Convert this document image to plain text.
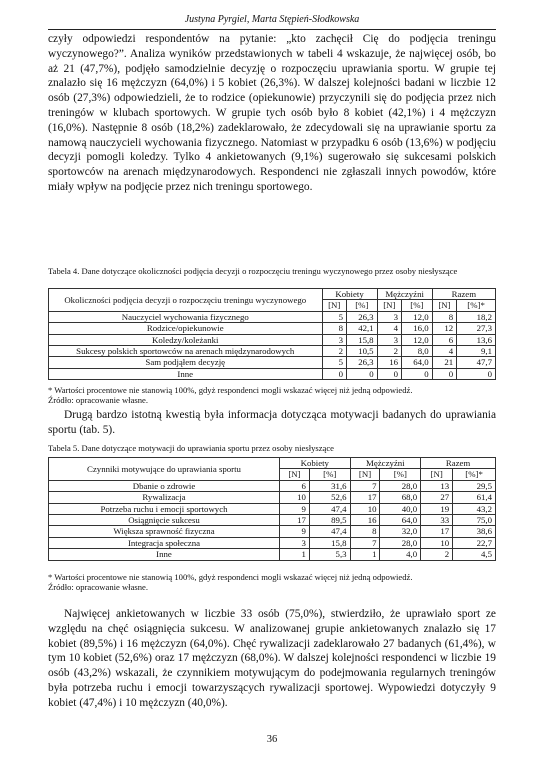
Justyna Pyrgiel, Marta Stępień-Słodkowska

czyły odpowiedzi respondentów na pytanie: „kto zachęcił Cię do podjęcia treningu wyczynowego?”. Analiza wyników przedstawionych w tabeli 4 wskazuje, że najwięcej osób, bo aż 21 (47,7%), podjęło samodzielnie decyzję o rozpoczęciu uprawiania sportu. W grupie tej znalazło się 16 mężczyzn (64,0%) i 5 kobiet (26,3%). W dalszej kolejności badani w liczbie 12 osób (27,3%) odpowiedzieli, że to rodzice (opiekunowie) przyczynili się do podjęcia przez nich treningów w klubach sportowych. W grupie tych osób było 8 kobiet (42,1%) i 4 mężczyzn (16,0%). Następnie 8 osób (18,2%) zadeklarowało, że zdecydowali się na uprawianie sportu za namową nauczycieli wychowania fizycznego. Natomiast w przypadku 6 osób (13,6%) w podjęciu decyzji pomogli koledzy. Tylko 4 ankietowanych (9,1%) sugerowało się sukcesami polskich sportowców na arenach międzynarodowych. Respondenci nie zgłaszali innych powodów, które miały wpływ na podjęcie przez nich treningu sportowego.

Tabela 4. Dane dotyczące okoliczności podjęcia decyzji o rozpoczęciu treningu wyczynowego przez osoby niesłyszące

Okoliczności podjęcia decyzji o rozpoczęciu treningu wyczynowego	Kobiety		Mężczyźni		Razem	
	[N]	[%]	[N]	[%]	[N]	[%]*
Nauczyciel wychowania fizycznego	5	26,3	3	12,0	8	18,2
Rodzice/opiekunowie	8	42,1	4	16,0	12	27,3
Koledzy/koleżanki	3	15,8	3	12,0	6	13,6
Sukcesy polskich sportowców na arenach międzynarodowych	2	10,5	2	8,0	4	9,1
Sam podjąłem decyzję	5	26,3	16	64,0	21	47,7
Inne	0	0	0	0	0	0

* Wartości procentowe nie stanowią 100%, gdyż respondenci mogli wskazać więcej niż jedną odpowiedź.
Źródło: opracowanie własne.

Drugą bardzo istotną kwestią była informacja dotycząca motywacji badanych do uprawiania sportu (tab. 5).

Tabela 5. Dane dotyczące motywacji do uprawiania sportu przez osoby niesłyszące

Czynniki motywujące do uprawiania sportu	Kobiety		Mężczyźni		Razem	
	[N]	[%]	[N]	[%]	[N]	[%]*
Dbanie o zdrowie	6	31,6	7	28,0	13	29,5
Rywalizacja	10	52,6	17	68,0	27	61,4
Potrzeba ruchu i emocji sportowych	9	47,4	10	40,0	19	43,2
Osiągnięcie sukcesu	17	89,5	16	64,0	33	75,0
Większa sprawność fizyczna	9	47,4	8	32,0	17	38,6
Integracja społeczna	3	15,8	7	28,0	10	22,7
Inne	1	5,3	1	4,0	2	4,5

* Wartości procentowe nie stanowią 100%, gdyż respondenci mogli wskazać więcej niż jedną odpowiedź.
Źródło: opracowanie własne.

Najwięcej ankietowanych w liczbie 33 osób (75,0%), stwierdziło, że uprawiało sport ze względu na chęć osiągnięcia sukcesu. W analizowanej grupie ankietowanych znalazło się 17 kobiet (89,5%) i 16 mężczyzn (64,0%). Chęć rywalizacji zadeklarowało 27 badanych (61,4%), w tym 10 kobiet (52,6%) oraz 17 mężczyzn (68,0%). W dalszej kolejności respondenci w liczbie 19 osób (43,2%) wskazali, że czynnikiem motywującym do podejmowania regularnych treningów była potrzeba ruchu i emocji towarzyszących rywalizacji sportowej. Wypowiedzi dotyczyły 9 kobiet (47,4%) i 10 mężczyzn (40,0%).

36
